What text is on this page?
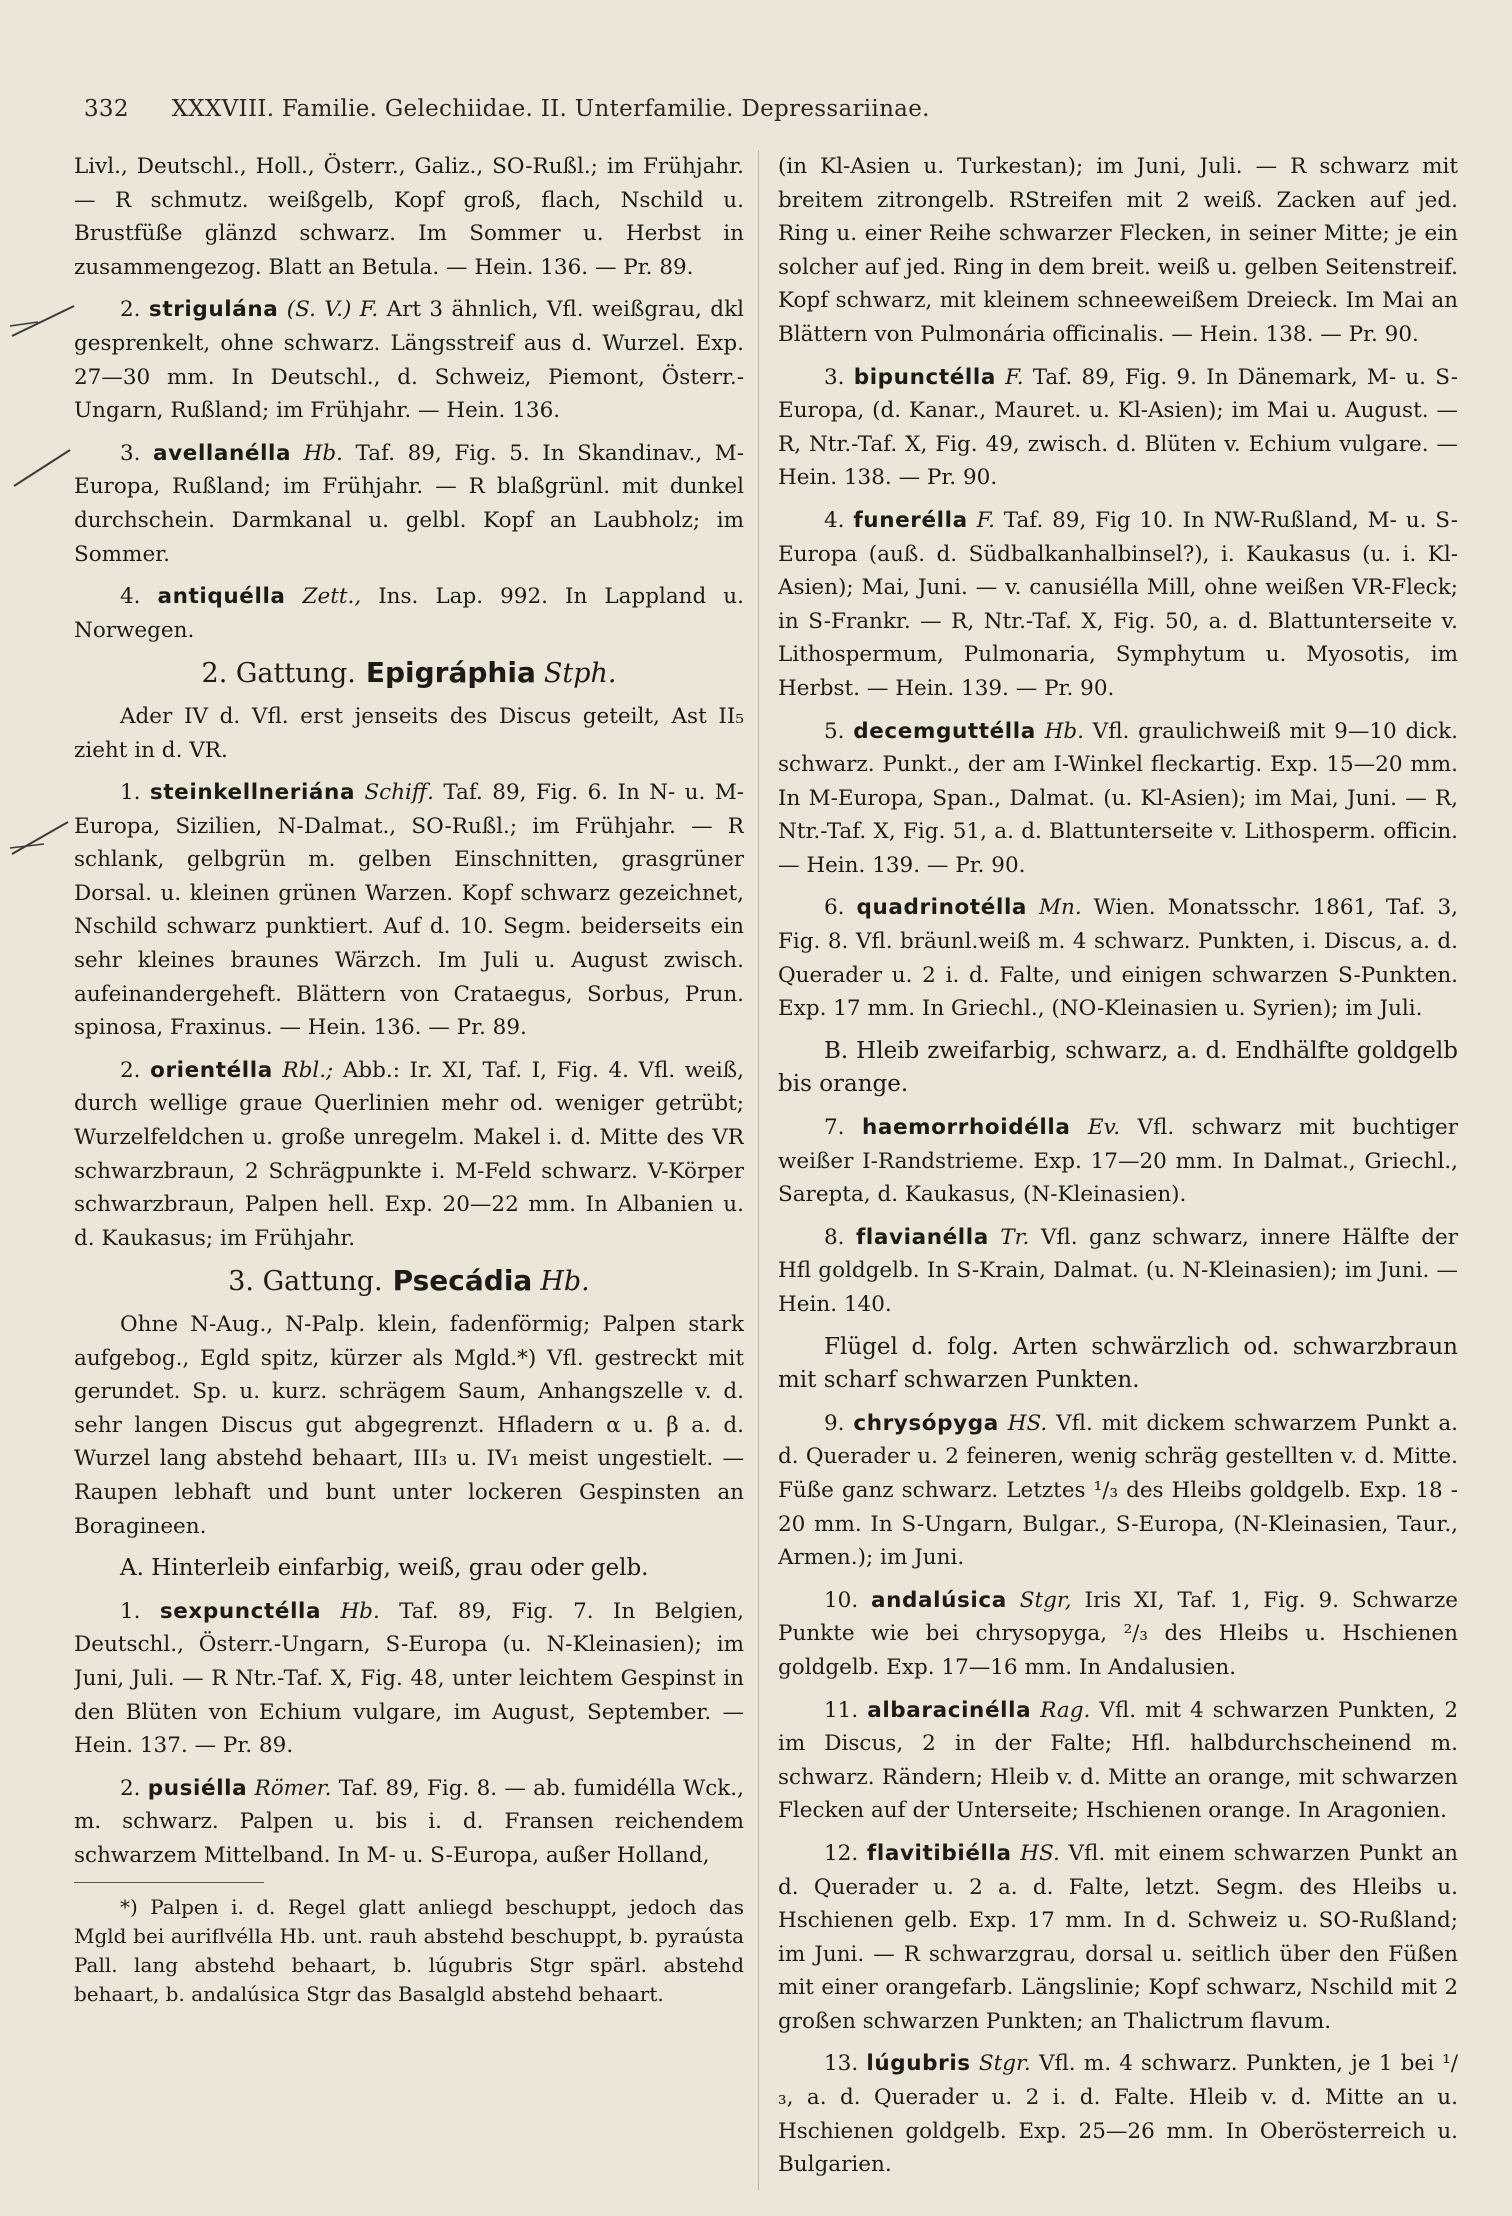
332 XXXVIII. Familie. Gelechiidae. II. Unterfamilie. Depressariinae.

Livl., Deutschl., Holl., Österr., Galiz., SO-Rußl.; im Frühjahr. — R schmutz. weißgelb, Kopf groß, flach, Nschild u. Brustfüße glänzd schwarz. Im Sommer u. Herbst in zusammengezog. Blatt an Betula. — Hein. 136. — Pr. 89.

2. strigulána (S. V.) F. Art 3 ähnlich, Vfl. weißgrau, dkl gesprenkelt, ohne schwarz. Längsstreif aus d. Wurzel. Exp. 27—30 mm. In Deutschl., d. Schweiz, Piemont, Österr.-Ungarn, Rußland; im Frühjahr. — Hein. 136.

3. avellanélla Hb. Taf. 89, Fig. 5. In Skandinav., M-Europa, Rußland; im Frühjahr. — R blaßgrünl. mit dunkel durchschein. Darmkanal u. gelbl. Kopf an Laubholz; im Sommer.

4. antiquélla Zett., Ins. Lap. 992. In Lappland u. Norwegen.

2. Gattung. Epigráphia Stph.

Ader IV d. Vfl. erst jenseits des Discus geteilt, Ast II₅ zieht in d. VR.

1. steinkellneriána Schiff. Taf. 89, Fig. 6. In N- u. M-Europa, Sizilien, N-Dalmat., SO-Rußl.; im Frühjahr. — R schlank, gelbgrün m. gelben Einschnitten, grasgrüner Dorsal. u. kleinen grünen Warzen. Kopf schwarz gezeichnet, Nschild schwarz punktiert. Auf d. 10. Segm. beiderseits ein sehr kleines braunes Wärzch. Im Juli u. August zwisch. aufeinandergeheft. Blättern von Crataegus, Sorbus, Prun. spinosa, Fraxinus. — Hein. 136. — Pr. 89.

2. orientélla Rbl.; Abb.: Ir. XI, Taf. I, Fig. 4. Vfl. weiß, durch wellige graue Querlinien mehr od. weniger getrübt; Wurzelfeldchen u. große unregelm. Makel i. d. Mitte des VR schwarzbraun, 2 Schrägpunkte i. M-Feld schwarz. V-Körper schwarzbraun, Palpen hell. Exp. 20—22 mm. In Albanien u. d. Kaukasus; im Frühjahr.

3. Gattung. Psecádia Hb.

Ohne N-Aug., N-Palp. klein, fadenförmig; Palpen stark aufgebog., Egld spitz, kürzer als Mgld.*) Vfl. gestreckt mit gerundet. Sp. u. kurz. schrägem Saum, Anhangszelle v. d. sehr langen Discus gut abgegrenzt. Hfladern α u. β a. d. Wurzel lang abstehd behaart, III₃ u. IV₁ meist ungestielt. — Raupen lebhaft und bunt unter lockeren Gespinsten an Boragineen.

A. Hinterleib einfarbig, weiß, grau oder gelb.

1. sexpunctélla Hb. Taf. 89, Fig. 7. In Belgien, Deutschl., Österr.-Ungarn, S-Europa (u. N-Kleinasien); im Juni, Juli. — R Ntr.-Taf. X, Fig. 48, unter leichtem Gespinst in den Blüten von Echium vulgare, im August, September. — Hein. 137. — Pr. 89.

2. pusiélla Römer. Taf. 89, Fig. 8. — ab. fumidélla Wck., m. schwarz. Palpen u. bis i. d. Fransen reichendem schwarzem Mittelband. In M- u. S-Europa, außer Holland,

*) Palpen i. d. Regel glatt anliegd beschuppt, jedoch das Mgld bei auriflvélla Hb. unt. rauh abstehd beschuppt, b. pyraústa Pall. lang abstehd behaart, b. lúgubris Stgr spärl. abstehd behaart, b. andalúsica Stgr das Basalgld abstehd behaart.

(in Kl-Asien u. Turkestan); im Juni, Juli. — R schwarz mit breitem zitrongelb. RStreifen mit 2 weiß. Zacken auf jed. Ring u. einer Reihe schwarzer Flecken, in seiner Mitte; je ein solcher auf jed. Ring in dem breit. weiß u. gelben Seitenstreif. Kopf schwarz, mit kleinem schneeweißem Dreieck. Im Mai an Blättern von Pulmonária officinalis. — Hein. 138. — Pr. 90.

3. bipunctélla F. Taf. 89, Fig. 9. In Dänemark, M- u. S-Europa, (d. Kanar., Mauret. u. Kl-Asien); im Mai u. August. — R, Ntr.-Taf. X, Fig. 49, zwisch. d. Blüten v. Echium vulgare. — Hein. 138. — Pr. 90.

4. funerélla F. Taf. 89, Fig 10. In NW-Rußland, M- u. S-Europa (auß. d. Südbalkanhalbinsel?), i. Kaukasus (u. i. Kl-Asien); Mai, Juni. — v. canusiélla Mill, ohne weißen VR-Fleck; in S-Frankr. — R, Ntr.-Taf. X, Fig. 50, a. d. Blattunterseite v. Lithospermum, Pulmonaria, Symphytum u. Myosotis, im Herbst. — Hein. 139. — Pr. 90.

5. decemguttélla Hb. Vfl. graulichweiß mit 9—10 dick. schwarz. Punkt., der am I-Winkel fleckartig. Exp. 15—20 mm. In M-Europa, Span., Dalmat. (u. Kl-Asien); im Mai, Juni. — R, Ntr.-Taf. X, Fig. 51, a. d. Blattunterseite v. Lithosperm. officin. — Hein. 139. — Pr. 90.

6. quadrinotélla Mn. Wien. Monatsschr. 1861, Taf. 3, Fig. 8. Vfl. bräunl.weiß m. 4 schwarz. Punkten, i. Discus, a. d. Querader u. 2 i. d. Falte, und einigen schwarzen S-Punkten. Exp. 17 mm. In Griechl., (NO-Kleinasien u. Syrien); im Juli.

B. Hleib zweifarbig, schwarz, a. d. Endhälfte goldgelb bis orange.

7. haemorrhoidélla Ev. Vfl. schwarz mit buchtiger weißer I-Randstrieme. Exp. 17—20 mm. In Dalmat., Griechl., Sarepta, d. Kaukasus, (N-Kleinasien).

8. flavianélla Tr. Vfl. ganz schwarz, innere Hälfte der Hfl goldgelb. In S-Krain, Dalmat. (u. N-Kleinasien); im Juni. — Hein. 140.

Flügel d. folg. Arten schwärzlich od. schwarzbraun mit scharf schwarzen Punkten.

9. chrysópyga HS. Vfl. mit dickem schwarzem Punkt a. d. Querader u. 2 feineren, wenig schräg gestellten v. d. Mitte. Füße ganz schwarz. Letztes ¹/₃ des Hleibs goldgelb. Exp. 18 - 20 mm. In S-Ungarn, Bulgar., S-Europa, (N-Kleinasien, Taur., Armen.); im Juni.

10. andalúsica Stgr, Iris XI, Taf. 1, Fig. 9. Schwarze Punkte wie bei chrysopyga, ²/₃ des Hleibs u. Hschienen goldgelb. Exp. 17—16 mm. In Andalusien.

11. albaracinélla Rag. Vfl. mit 4 schwarzen Punkten, 2 im Discus, 2 in der Falte; Hfl. halbdurchscheinend m. schwarz. Rändern; Hleib v. d. Mitte an orange, mit schwarzen Flecken auf der Unterseite; Hschienen orange. In Aragonien.

12. flavitibiélla HS. Vfl. mit einem schwarzen Punkt an d. Querader u. 2 a. d. Falte, letzt. Segm. des Hleibs u. Hschienen gelb. Exp. 17 mm. In d. Schweiz u. SO-Rußland; im Juni. — R schwarzgrau, dorsal u. seitlich über den Füßen mit einer orangefarb. Längslinie; Kopf schwarz, Nschild mit 2 großen schwarzen Punkten; an Thalictrum flavum.

13. lúgubris Stgr. Vfl. m. 4 schwarz. Punkten, je 1 bei ¹/₃, a. d. Querader u. 2 i. d. Falte. Hleib v. d. Mitte an u. Hschienen goldgelb. Exp. 25—26 mm. In Oberösterreich u. Bulgarien.
